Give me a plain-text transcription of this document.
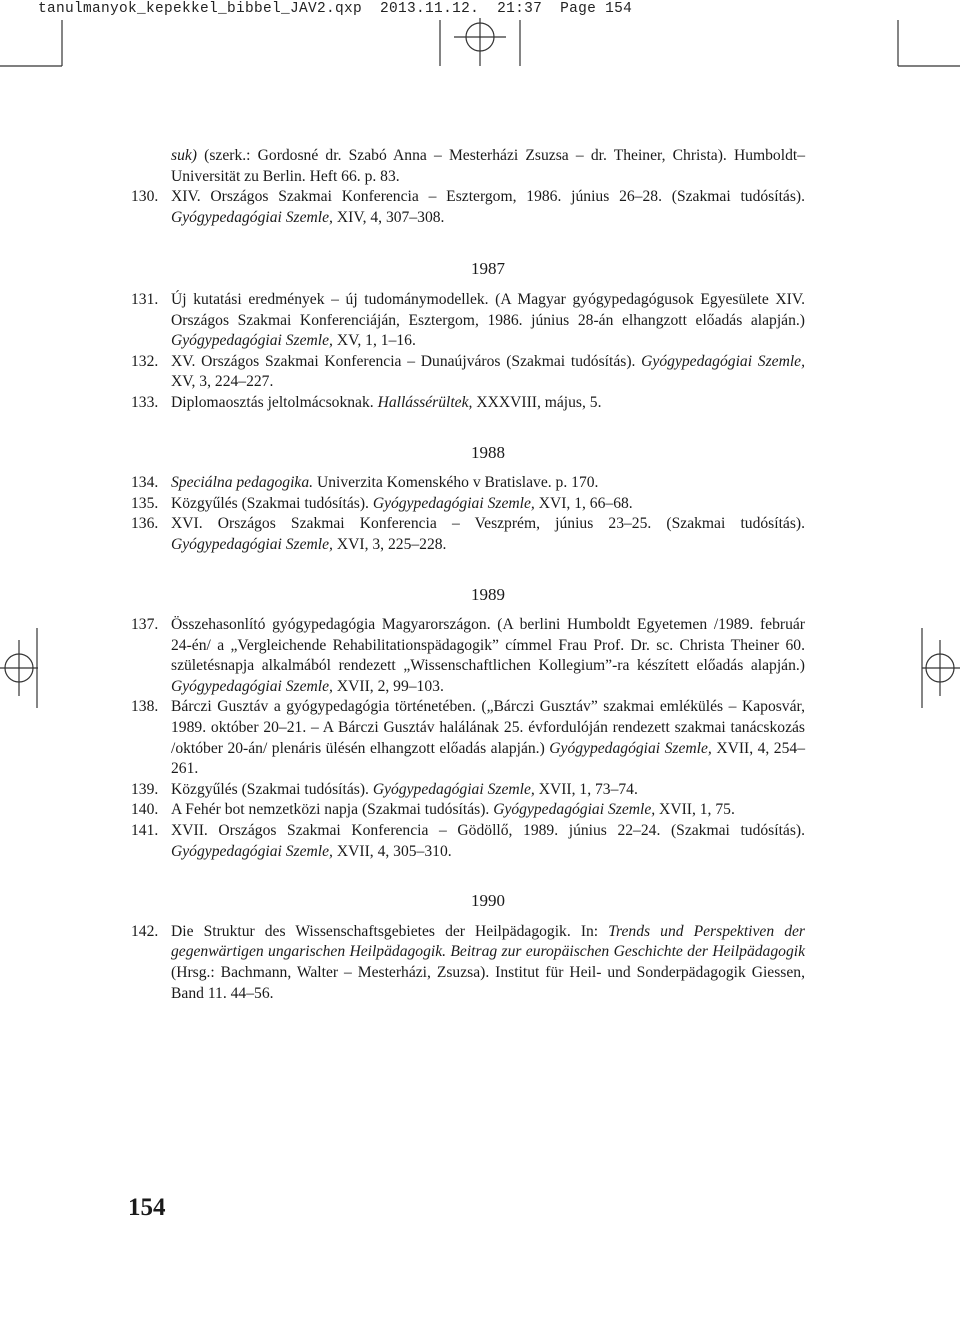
tanulmanyok_kepekkel_bibbel_JAV2.qxp  2013.11.12.  21:37  Page 154
suk) (szerk.: Gordosné dr. Szabó Anna – Mesterházi Zsuzsa – dr. Theiner, Christa). Humboldt–Universität zu Berlin. Heft 66. p. 83.
130. XIV. Országos Szakmai Konferencia – Esztergom, 1986. június 26–28. (Szakmai tudósítás). Gyógypedagógiai Szemle, XIV, 4, 307–308.
1987
131. Új kutatási eredmények – új tudománymodellek. (A Magyar gyógypedagógusok Egyesülete XIV. Országos Szakmai Konferenciáján, Esztergom, 1986. június 28-án elhangzott előadás alapján.) Gyógypedagógiai Szemle, XV, 1, 1–16.
132. XV. Országos Szakmai Konferencia – Dunaújváros (Szakmai tudósítás). Gyógypedagógiai Szemle, XV, 3, 224–227.
133. Diplomaosztás jeltolmácsoknak. Hallássérültek, XXXVIII, május, 5.
1988
134. Speciálna pedagogika. Univerzita Komenského v Bratislave. p. 170.
135. Közgyűlés (Szakmai tudósítás). Gyógypedagógiai Szemle, XVI, 1, 66–68.
136. XVI. Országos Szakmai Konferencia – Veszprém, június 23–25. (Szakmai tudósítás). Gyógypedagógiai Szemle, XVI, 3, 225–228.
1989
137. Összehasonlító gyógypedagógia Magyarországon. (A berlini Humboldt Egyetemen /1989. február 24-én/ a „Vergleichende Rehabilitationspädagogik” címmel Frau Prof. Dr. sc. Christa Theiner 60. születésnapja alkalmából rendezett „Wissenschaftlichen Kollegium”-ra készített előadás alapján.) Gyógypedagógiai Szemle, XVII, 2, 99–103.
138. Bárczi Gusztáv a gyógypedagógia történetében. („Bárczi Gusztáv” szakmai emlékülés – Kaposvár, 1989. október 20–21. – A Bárczi Gusztáv halálának 25. évfordulóján rendezett szakmai tanácskozás /október 20-án/ plenáris ülésén elhangzott előadás alapján.) Gyógypedagógiai Szemle, XVII, 4, 254–261.
139. Közgyűlés (Szakmai tudósítás). Gyógypedagógiai Szemle, XVII, 1, 73–74.
140. A Fehér bot nemzetközi napja (Szakmai tudósítás). Gyógypedagógiai Szemle, XVII, 1, 75.
141. XVII. Országos Szakmai Konferencia – Gödöllő, 1989. június 22–24. (Szakmai tudósítás). Gyógypedagógiai Szemle, XVII, 4, 305–310.
1990
142. Die Struktur des Wissenschaftsgebietes der Heilpädagogik. In: Trends und Perspektiven der gegenwärtigen ungarischen Heilpädagogik. Beitrag zur europäischen Geschichte der Heilpädagogik (Hrsg.: Bachmann, Walter – Mesterházi, Zsuzsa). Institut für Heil- und Sonderpädagogik Giessen, Band 11. 44–56.
154
